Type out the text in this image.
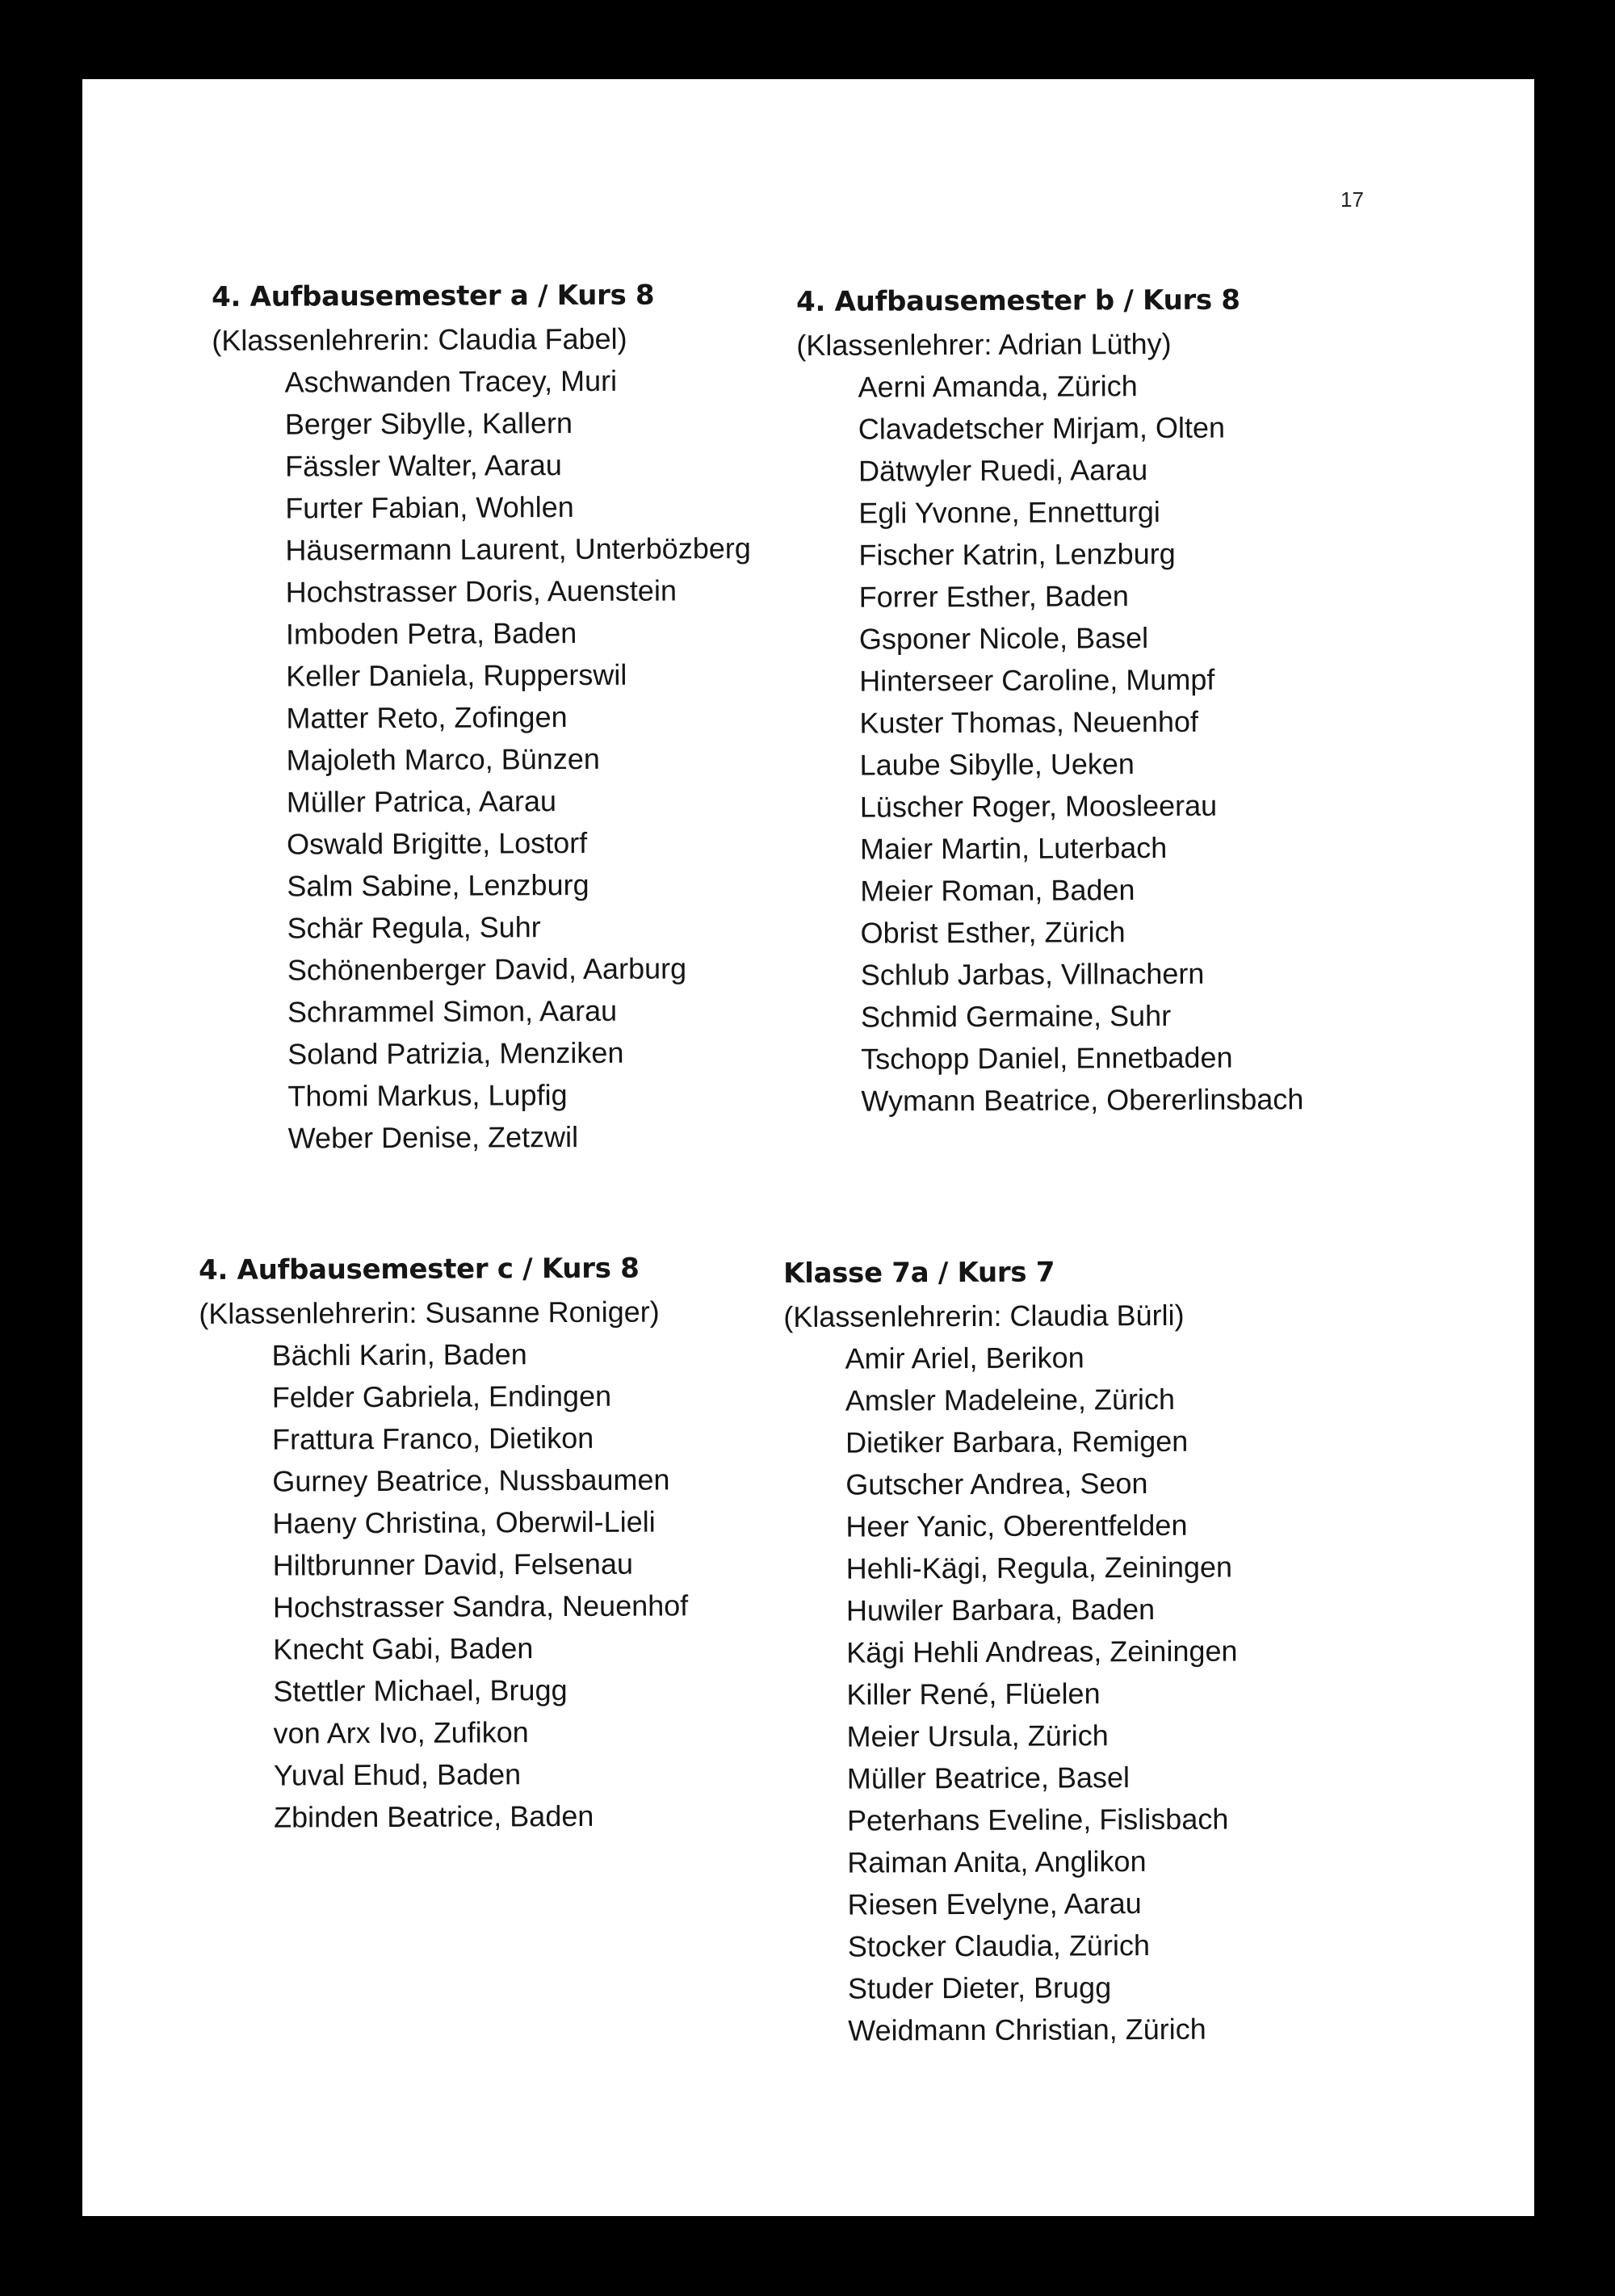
17
4. Aufbausemester a / Kurs 8
(Klassenlehrerin: Claudia Fabel)
Aschwanden Tracey, Muri
Berger Sibylle, Kallern
Fässler Walter, Aarau
Furter Fabian, Wohlen
Häusermann Laurent, Unterbözberg
Hochstrasser Doris, Auenstein
Imboden Petra, Baden
Keller Daniela, Rupperswil
Matter Reto, Zofingen
Majoleth Marco, Bünzen
Müller Patrica, Aarau
Oswald Brigitte, Lostorf
Salm Sabine, Lenzburg
Schär Regula, Suhr
Schönenberger David, Aarburg
Schrammel Simon, Aarau
Soland Patrizia, Menziken
Thomi Markus, Lupfig
Weber Denise, Zetzwil
4. Aufbausemester b / Kurs 8
(Klassenlehrer: Adrian Lüthy)
Aerni Amanda, Zürich
Clavadetscher Mirjam, Olten
Dätwyler Ruedi, Aarau
Egli Yvonne, Ennetturgi
Fischer Katrin, Lenzburg
Forrer Esther, Baden
Gsponer Nicole, Basel
Hinterseer Caroline, Mumpf
Kuster Thomas, Neuenhof
Laube Sibylle, Ueken
Lüscher Roger, Moosleerau
Maier Martin, Luterbach
Meier Roman, Baden
Obrist Esther, Zürich
Schlub Jarbas, Villnachern
Schmid Germaine, Suhr
Tschopp Daniel, Ennetbaden
Wymann Beatrice, Obererlinsbach
4. Aufbausemester c / Kurs 8
(Klassenlehrerin: Susanne Roniger)
Bächli Karin, Baden
Felder Gabriela, Endingen
Frattura Franco, Dietikon
Gurney Beatrice, Nussbaumen
Haeny Christina, Oberwil-Lieli
Hiltbrunner David, Felsenau
Hochstrasser Sandra, Neuenhof
Knecht Gabi, Baden
Stettler Michael, Brugg
von Arx Ivo, Zufikon
Yuval Ehud, Baden
Zbinden Beatrice, Baden
Klasse 7a / Kurs 7
(Klassenlehrerin: Claudia Bürli)
Amir Ariel, Berikon
Amsler Madeleine, Zürich
Dietiker Barbara, Remigen
Gutscher Andrea, Seon
Heer Yanic, Oberentfelden
Hehli-Kägi, Regula, Zeiningen
Huwiler Barbara, Baden
Kägi Hehli Andreas, Zeiningen
Killer René, Flüelen
Meier Ursula, Zürich
Müller Beatrice, Basel
Peterhans Eveline, Fislisbach
Raiman Anita, Anglikon
Riesen Evelyne, Aarau
Stocker Claudia, Zürich
Studer Dieter, Brugg
Weidmann Christian, Zürich
